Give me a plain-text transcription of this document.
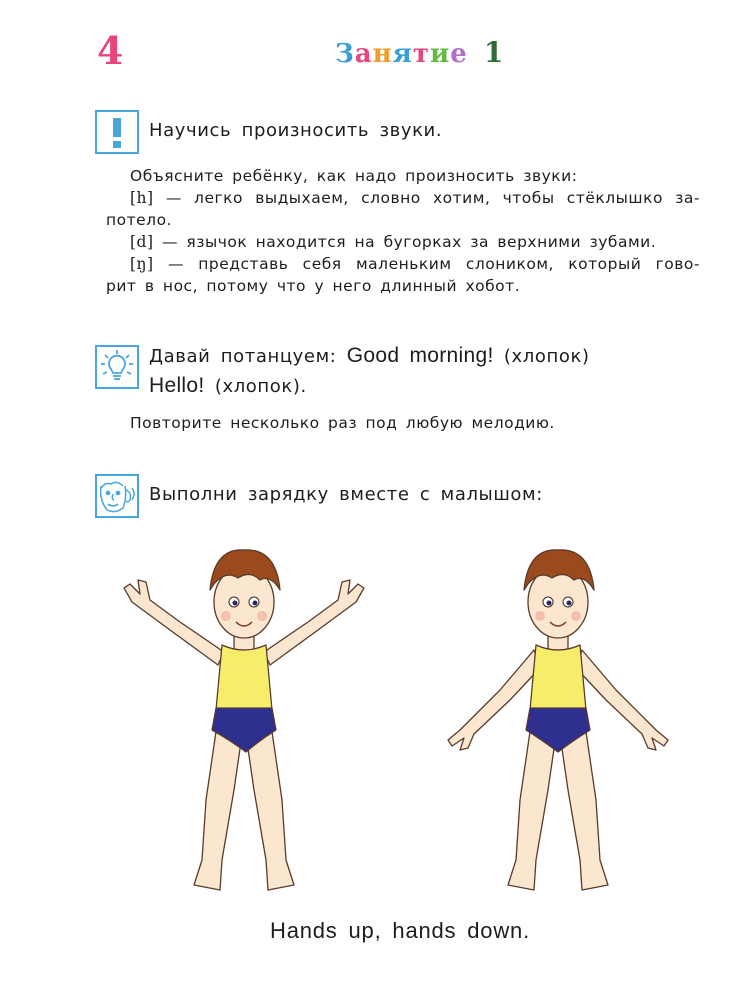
4	Занятие 1
Научись произносить звуки.
Объясните ребёнку, как надо произносить звуки:
[h] — легко выдыхаем, словно хотим, чтобы стёклышко за-
потело.
[d] — язычок находится на бугорках за верхними зубами.
[ŋ] — представь себя маленьким слоником, который гово-
рит в нос, потому что у него длинный хобот.
Давай потанцуем: Good morning! (хлопок)
Hello! (хлопок).
Повторите несколько раз под любую мелодию.
Выполни зарядку вместе с малышом:
Hands up, hands down.
